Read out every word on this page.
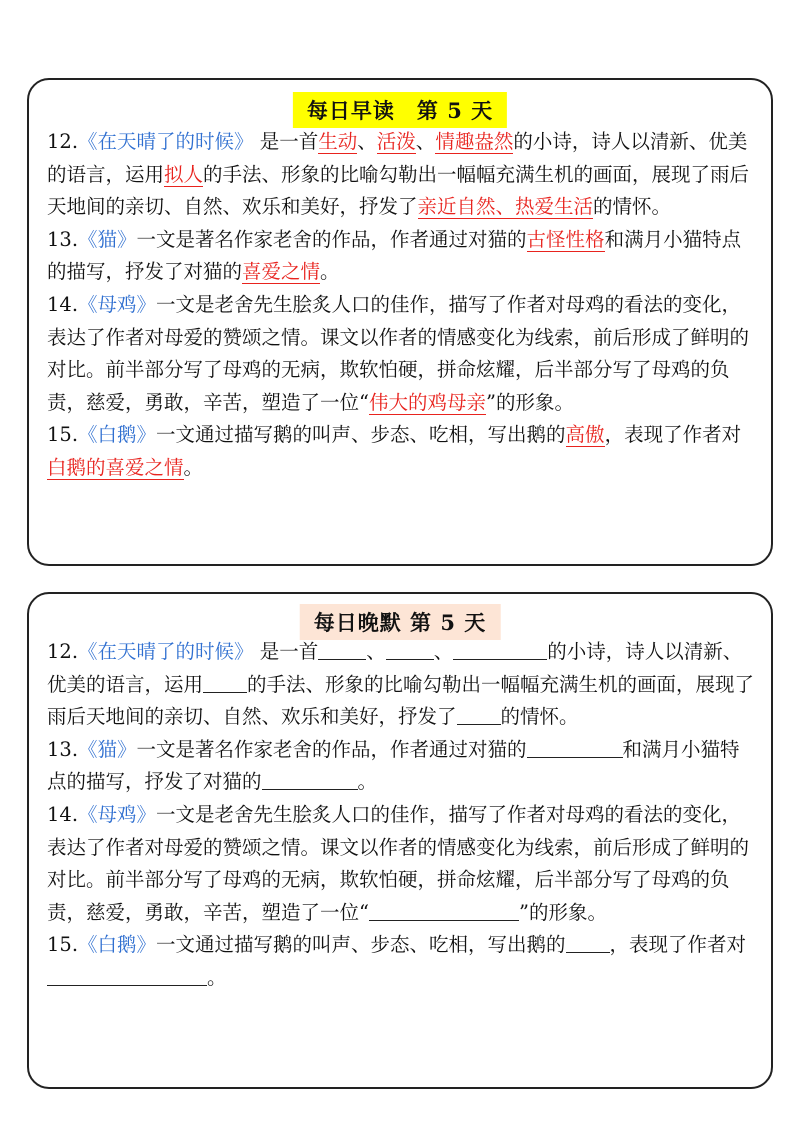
每日早读　第 5 天

12.《在天晴了的时候》 是一首生动、活泼、情趣盎然的小诗，诗人以清新、优美的语言，运用拟人的手法、形象的比喻勾勒出一幅幅充满生机的画面，展现了雨后天地间的亲切、自然、欢乐和美好，抒发了亲近自然、热爱生活的情怀。

13.《猫》一文是著名作家老舍的作品，作者通过对猫的古怪性格和满月小猫特点的描写，抒发了对猫的喜爱之情。

14.《母鸡》一文是老舍先生脍炙人口的佳作，描写了作者对母鸡的看法的变化，表达了作者对母爱的赞颂之情。课文以作者的情感变化为线索，前后形成了鲜明的对比。前半部分写了母鸡的无病，欺软怕硬，拼命炫耀，后半部分写了母鸡的负责，慈爱，勇敢，辛苦，塑造了一位“伟大的鸡母亲”的形象。

15.《白鹅》一文通过描写鹅的叫声、步态、吃相，写出鹅的高傲，表现了作者对白鹅的喜爱之情。

每日晚默 第 5 天

12.《在天晴了的时候》 是一首 、 、	的小诗，诗人以清新、优美的语言，运用 的手法、形象的比喻勾勒出一幅幅充满生机的画面，展现了雨后天地间的亲切、自然、欢乐和美好，抒发了 的情怀。

13.《猫》一文是著名作家老舍的作品，作者通过对猫的	和满月小猫特点的描写，抒发了对猫的	。

14.《母鸡》一文是老舍先生脍炙人口的佳作，描写了作者对母鸡的看法的变化，表达了作者对母爱的赞颂之情。课文以作者的情感变化为线索，前后形成了鲜明的对比。前半部分写了母鸡的无病，欺软怕硬，拼命炫耀，后半部分写了母鸡的负责，慈爱，勇敢，辛苦，塑造了一位“	”的形象。

15.《白鹅》一文通过描写鹅的叫声、步态、吃相，写出鹅的 ，表现了作者对。
